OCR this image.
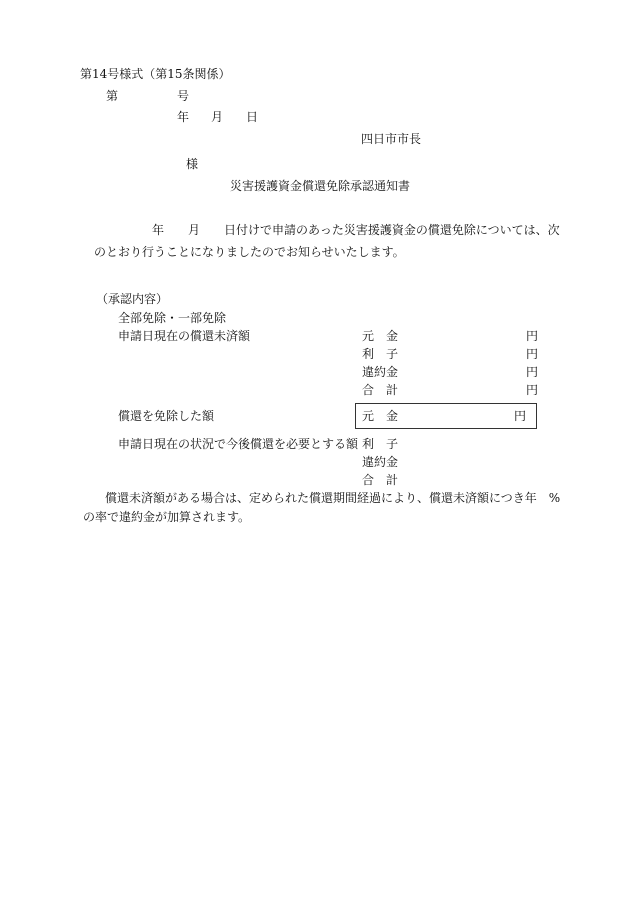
第14号様式（第15条関係）
第	号
年 月 日
四日市市長
様
災害援護資金償還免除承認通知書
年　　月　　日付けで申請のあった災害援護資金の償還免除については、次
のとおり行うことになりましたのでお知らせいたします。
（承認内容）
全部免除・一部免除
申請日現在の償還未済額	元　金	円
利　子	円
違約金	円
合　計	円
償還を免除した額	元　金	円
申請日現在の状況で今後償還を必要とする額 利　子
違約金
合　計
償還未済額がある場合は、定められた償還期間経過により、償還未済額につき年　%
の率で違約金が加算されます。
